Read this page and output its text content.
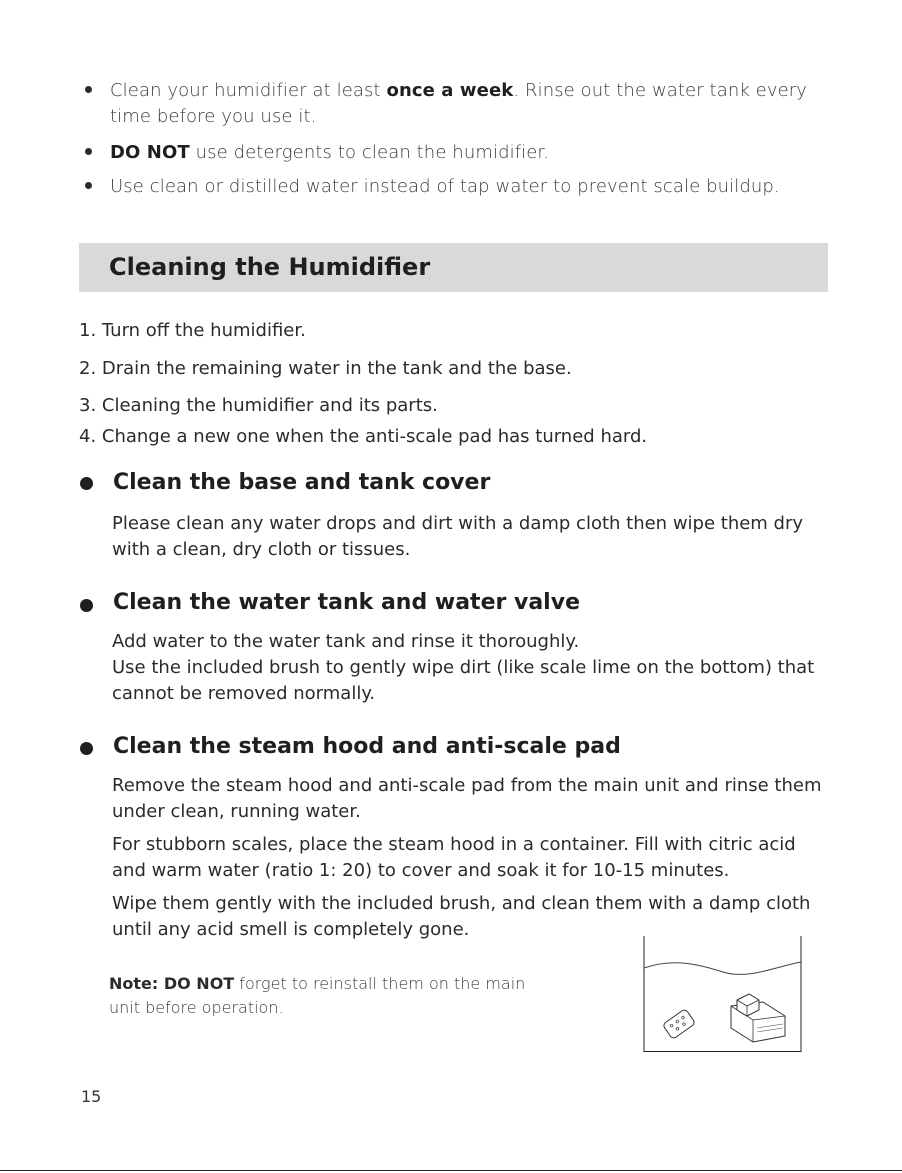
Clean your humidifier at least once a week. Rinse out the water tank every time before you use it.
DO NOT use detergents to clean the humidifier.
Use clean or distilled water instead of tap water to prevent scale buildup.
Cleaning the Humidifier
1. Turn off the humidifier.
2. Drain the remaining water in the tank and the base.
3. Cleaning the humidifier and its parts.
4. Change a new one when the anti-scale pad has turned hard.
Clean the base and tank cover
Please clean any water drops and dirt with a damp cloth then wipe them dry with a clean, dry cloth or tissues.
Clean the water tank and water valve
Add water to the water tank and rinse it thoroughly.
Use the included brush to gently wipe dirt (like scale lime on the bottom) that cannot be removed normally.
Clean the steam hood and anti-scale pad
Remove the steam hood and anti-scale pad from the main unit and rinse them under clean, running water.
For stubborn scales, place the steam hood in a container. Fill with citric acid and warm water (ratio 1: 20) to cover and soak it for 10-15 minutes.
Wipe them gently with the included brush, and clean them with a damp cloth until any acid smell is completely gone.
Note: DO NOT forget to reinstall them on the main unit before operation.
15
